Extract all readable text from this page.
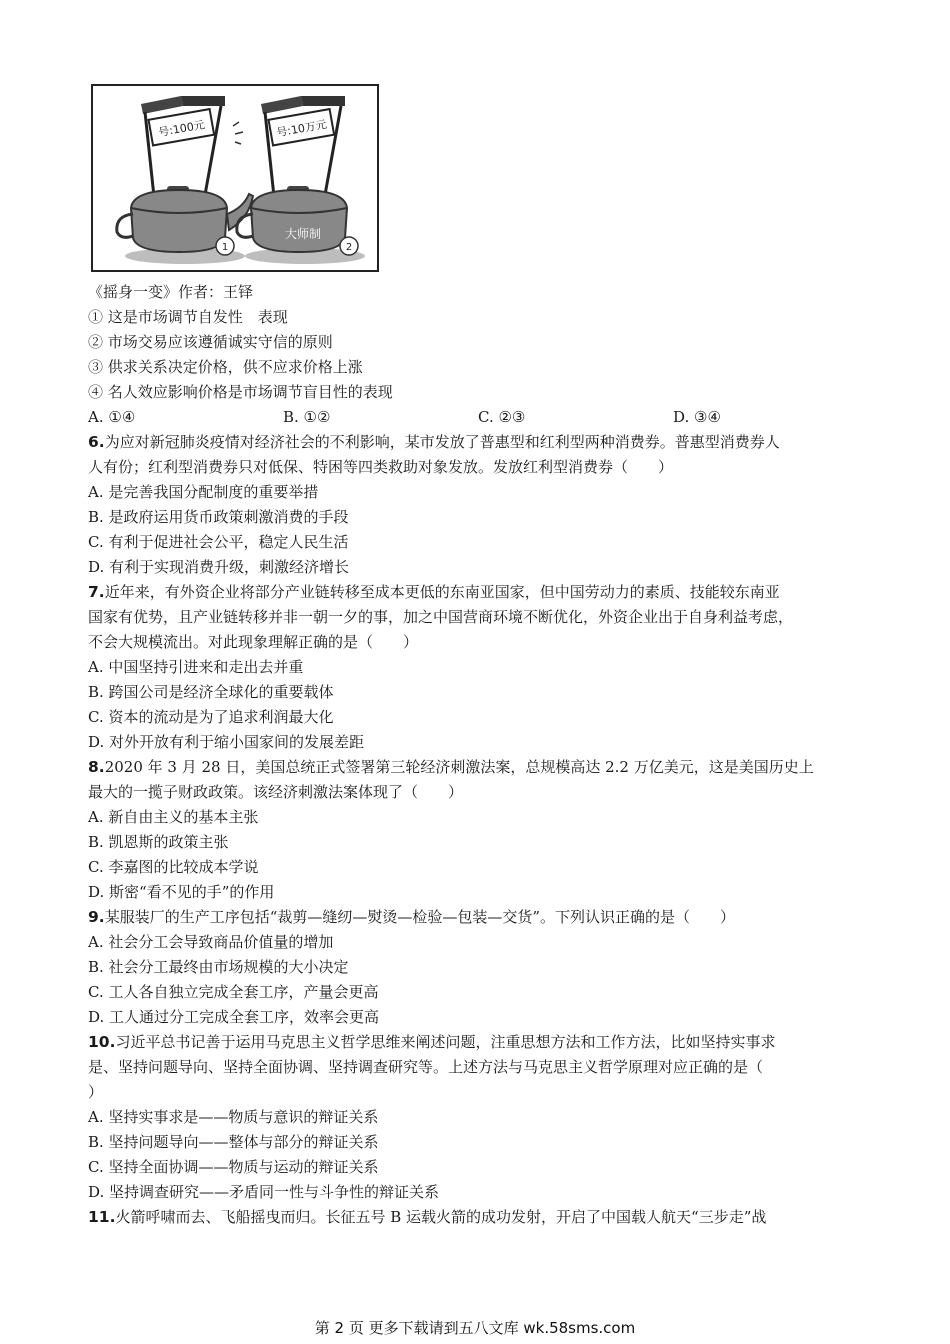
号:100元
1
号:10万元
大师制
2
《摇身一变》作者：王铎
① 这是市场调节自发性　表现
② 市场交易应该遵循诚实守信的原则
③ 供求关系决定价格，供不应求价格上涨
④ 名人效应影响价格是市场调节盲目性的表现
A. ①④	B. ①②	C. ②③	D. ③④
6.为应对新冠肺炎疫情对经济社会的不利影响，某市发放了普惠型和红利型两种消费券。普惠型消费券人
人有份；红利型消费券只对低保、特困等四类救助对象发放。发放红利型消费券（　　）
A. 是完善我国分配制度的重要举措
B. 是政府运用货币政策刺激消费的手段
C. 有利于促进社会公平，稳定人民生活
D. 有利于实现消费升级，刺激经济增长
7.近年来，有外资企业将部分产业链转移至成本更低的东南亚国家，但中国劳动力的素质、技能较东南亚
国家有优势，且产业链转移并非一朝一夕的事，加之中国营商环境不断优化，外资企业出于自身利益考虑，
不会大规模流出。对此现象理解正确的是（　　）
A. 中国坚持引进来和走出去并重
B. 跨国公司是经济全球化的重要载体
C. 资本的流动是为了追求利润最大化
D. 对外开放有利于缩小国家间的发展差距
8.2020 年 3 月 28 日，美国总统正式签署第三轮经济刺激法案，总规模高达 2.2 万亿美元，这是美国历史上
最大的一揽子财政政策。该经济刺激法案体现了（　　）
A. 新自由主义的基本主张
B. 凯恩斯的政策主张
C. 李嘉图的比较成本学说
D. 斯密“看不见的手”的作用
9.某服装厂的生产工序包括“裁剪—缝纫—熨烫—检验—包装—交货”。下列认识正确的是（　　）
A. 社会分工会导致商品价值量的增加
B. 社会分工最终由市场规模的大小决定
C. 工人各自独立完成全套工序，产量会更高
D. 工人通过分工完成全套工序，效率会更高
10.习近平总书记善于运用马克思主义哲学思维来阐述问题，注重思想方法和工作方法，比如坚持实事求
是、坚持问题导向、坚持全面协调、坚持调查研究等。上述方法与马克思主义哲学原理对应正确的是（
）
A. 坚持实事求是——物质与意识的辩证关系
B. 坚持问题导向——整体与部分的辩证关系
C. 坚持全面协调——物质与运动的辩证关系
D. 坚持调查研究——矛盾同一性与斗争性的辩证关系
11.火箭呼啸而去、飞船摇曳而归。长征五号 B 运载火箭的成功发射，开启了中国载人航天“三步走”战
第 2 页 更多下载请到五八文库 wk.58sms.com
